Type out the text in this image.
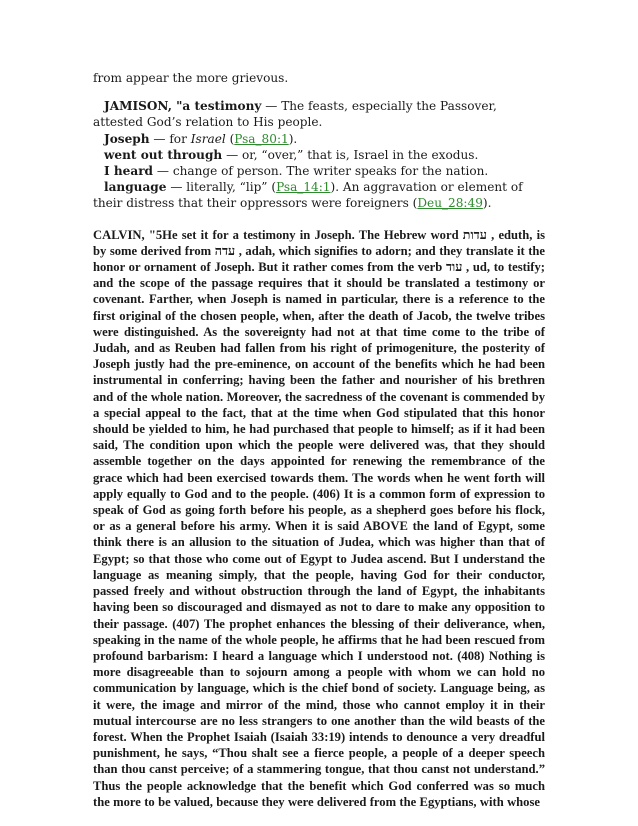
from appear the more grievous.

JAMISON, "a testimony — The feasts, especially the Passover, attested God’s relation to His people.

Joseph — for Israel (Psa_80:1).

went out through — or, “over,” that is, Israel in the exodus.

I heard — change of person. The writer speaks for the nation.

language — literally, “lip” (Psa_14:1). An aggravation or element of their distress that their oppressors were foreigners (Deu_28:49).

CALVIN, "5He set it for a testimony in Joseph. The Hebrew word עדות , eduth, is by some derived from עדה , adah, which signifies to adorn; and they translate it the honor or ornament of Joseph. But it rather comes from the verb עוד , ud, to testify; and the scope of the passage requires that it should be translated a testimony or covenant. Farther, when Joseph is named in particular, there is a reference to the first original of the chosen people, when, after the death of Jacob, the twelve tribes were distinguished. As the sovereignty had not at that time come to the tribe of Judah, and as Reuben had fallen from his right of primogeniture, the posterity of Joseph justly had the pre-eminence, on account of the benefits which he had been instrumental in conferring; having been the father and nourisher of his brethren and of the whole nation. Moreover, the sacredness of the covenant is commended by a special appeal to the fact, that at the time when God stipulated that this honor should be yielded to him, he had purchased that people to himself; as if it had been said, The condition upon which the people were delivered was, that they should assemble together on the days appointed for renewing the remembrance of the grace which had been exercised towards them. The words when he went forth will apply equally to God and to the people. (406) It is a common form of expression to speak of God as going forth before his people, as a shepherd goes before his flock, or as a general before his army. When it is said ABOVE the land of Egypt, some think there is an allusion to the situation of Judea, which was higher than that of Egypt; so that those who come out of Egypt to Judea ascend. But I understand the language as meaning simply, that the people, having God for their conductor, passed freely and without obstruction through the land of Egypt, the inhabitants having been so discouraged and dismayed as not to dare to make any opposition to their passage. (407) The prophet enhances the blessing of their deliverance, when, speaking in the name of the whole people, he affirms that he had been rescued from profound barbarism: I heard a language which I understood not. (408) Nothing is more disagreeable than to sojourn among a people with whom we can hold no communication by language, which is the chief bond of society. Language being, as it were, the image and mirror of the mind, those who cannot employ it in their mutual intercourse are no less strangers to one another than the wild beasts of the forest. When the Prophet Isaiah (Isaiah 33:19) intends to denounce a very dreadful punishment, he says, “Thou shalt see a fierce people, a people of a deeper speech than thou canst perceive; of a stammering tongue, that thou canst not understand.” Thus the people acknowledge that the benefit which God conferred was so much the more to be valued, because they were delivered from the Egyptians, with whose
